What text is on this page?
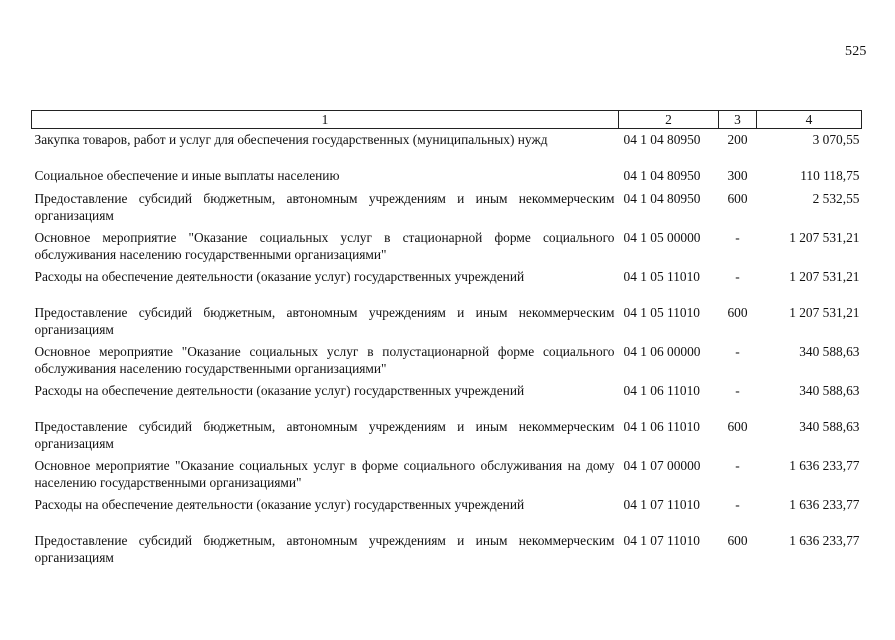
525
1	2	3	4

Закупка товаров, работ и услуг для обеспечения государственных (муниципальных) нужд	04 1 04 80950	200	3 070,55

Социальное обеспечение и иные выплаты населению	04 1 04 80950	300	110 118,75

Предоставление субсидий бюджетным, автономным учреждениям и иным некоммерческим организациям	04 1 04 80950	600	2 532,55

Основное мероприятие "Оказание социальных услуг в стационарной форме социального обслуживания населению государственными организациями"	04 1 05 00000	-	1 207 531,21

Расходы на обеспечение деятельности (оказание услуг) государственных учреждений	04 1 05 11010	-	1 207 531,21

Предоставление субсидий бюджетным, автономным учреждениям и иным некоммерческим организациям	04 1 05 11010	600	1 207 531,21

Основное мероприятие "Оказание социальных услуг в полустационарной форме социального обслуживания населению государственными организациями"	04 1 06 00000	-	340 588,63

Расходы на обеспечение деятельности (оказание услуг) государственных учреждений	04 1 06 11010	-	340 588,63

Предоставление субсидий бюджетным, автономным учреждениям и иным некоммерческим организациям	04 1 06 11010	600	340 588,63

Основное мероприятие "Оказание социальных услуг в форме социального обслуживания на дому населению государственными организациями"	04 1 07 00000	-	1 636 233,77

Расходы на обеспечение деятельности (оказание услуг) государственных учреждений	04 1 07 11010	-	1 636 233,77

Предоставление субсидий бюджетным, автономным учреждениям и иным некоммерческим организациям	04 1 07 11010	600	1 636 233,77
